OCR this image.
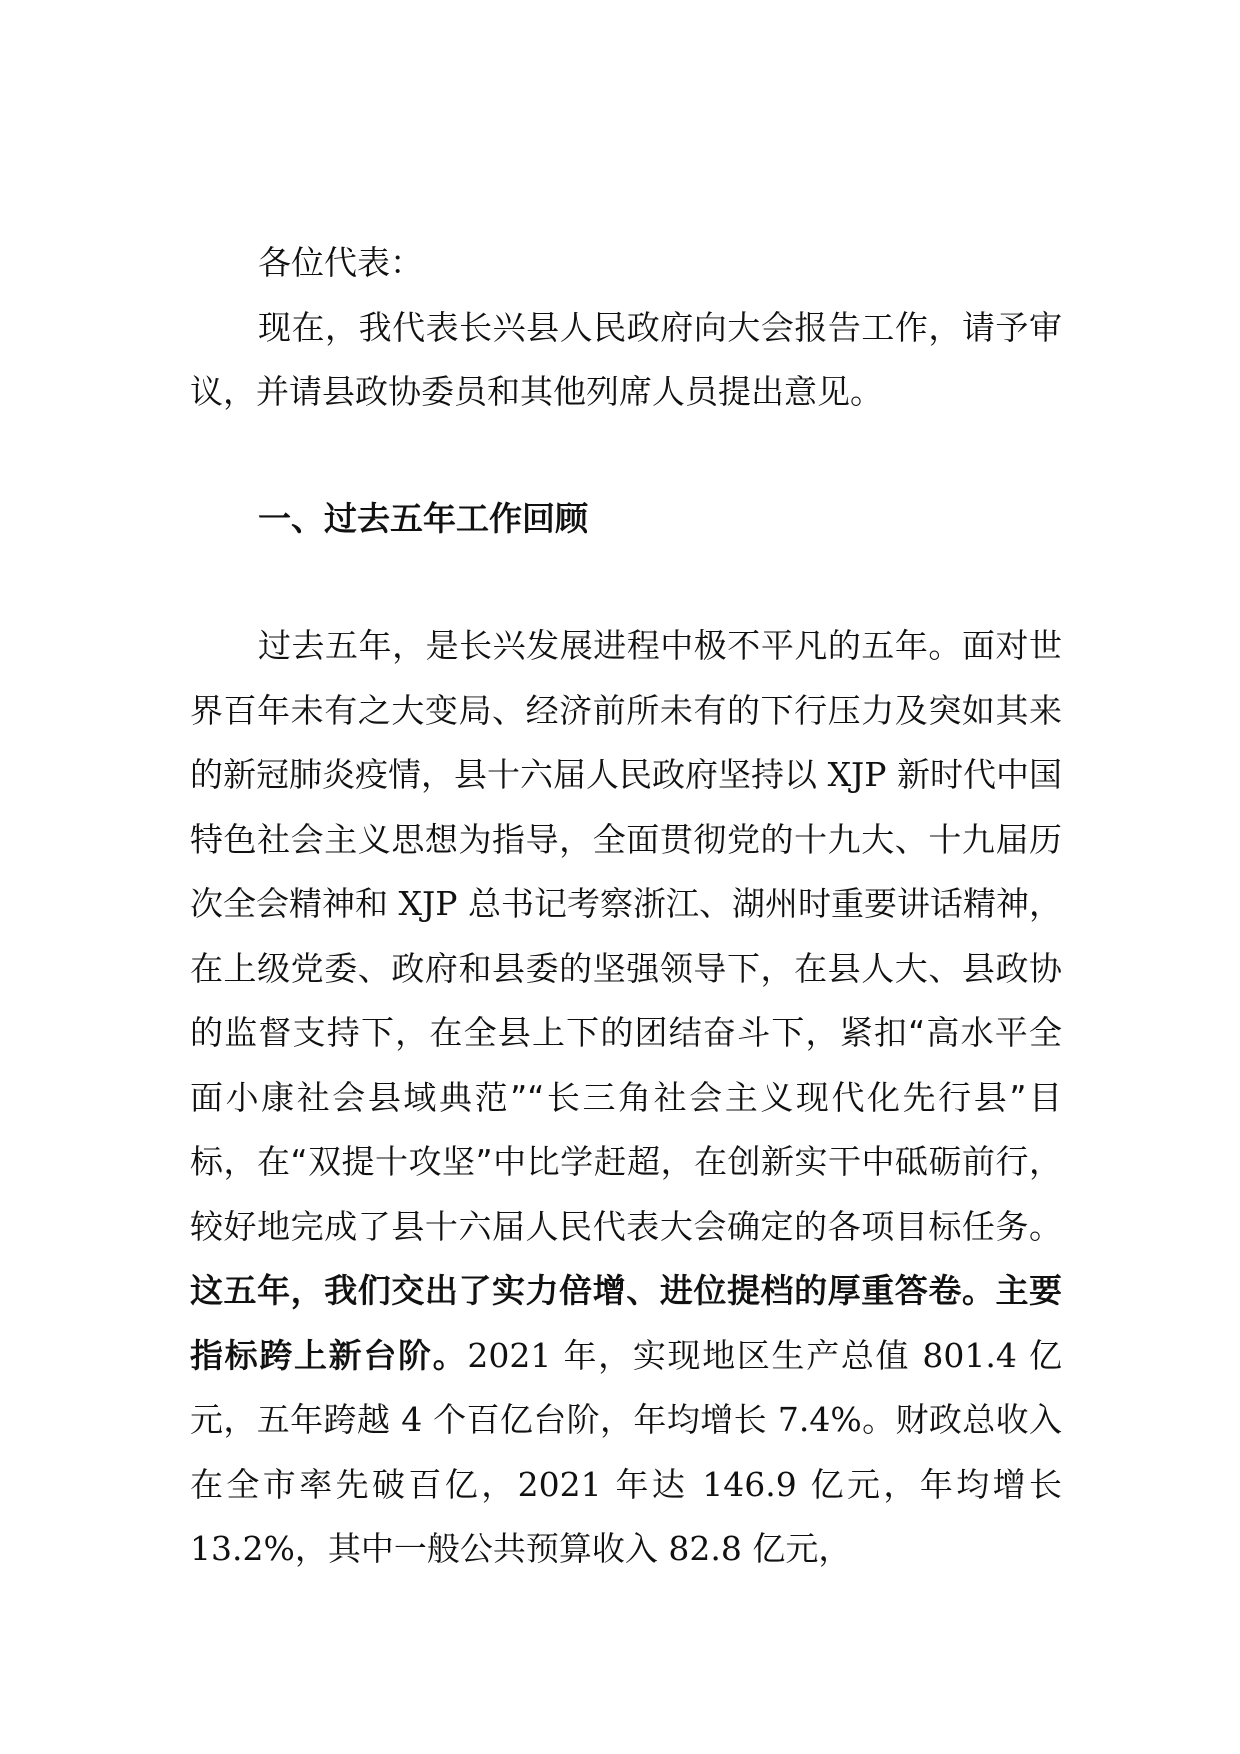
各位代表：

现在，我代表长兴县人民政府向大会报告工作，请予审议，并请县政协委员和其他列席人员提出意见。

一、过去五年工作回顾

过去五年，是长兴发展进程中极不平凡的五年。面对世界百年未有之大变局、经济前所未有的下行压力及突如其来的新冠肺炎疫情，县十六届人民政府坚持以 XJP 新时代中国特色社会主义思想为指导，全面贯彻党的十九大、十九届历次全会精神和 XJP 总书记考察浙江、湖州时重要讲话精神，在上级党委、政府和县委的坚强领导下，在县人大、县政协的监督支持下，在全县上下的团结奋斗下，紧扣“高水平全面小康社会县域典范”“长三角社会主义现代化先行县”目标，在“双提十攻坚”中比学赶超，在创新实干中砥砺前行，较好地完成了县十六届人民代表大会确定的各项目标任务。这五年，我们交出了实力倍增、进位提档的厚重答卷。主要指标跨上新台阶。2021 年，实现地区生产总值 801.4 亿元，五年跨越 4 个百亿台阶，年均增长 7.4%。财政总收入在全市率先破百亿，2021 年达 146.9 亿元，年均增长 13.2%，其中一般公共预算收入 82.8 亿元，
